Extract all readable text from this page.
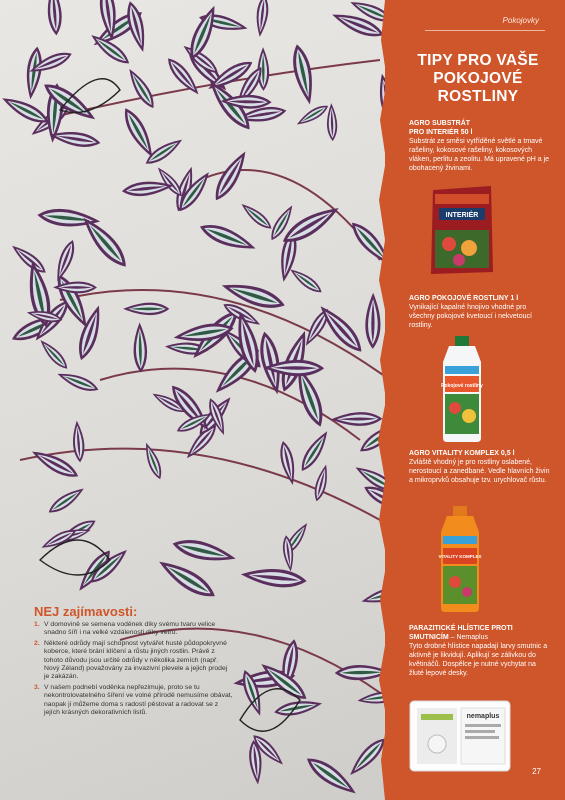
Pokojovky
TIPY PRO VAŠE
POKOJOVÉ
ROSTLINY
AGRO SUBSTRÁT
PRO INTERIÉR 50 l
Substrát ze směsi vytříděné světlé a tmavé rašeliny, kokosové rašeliny, kokosových vláken, perlitu a zeolitu. Má upravené pH a je obohacený živinami.
INTERIÉR
AGRO POKOJOVÉ ROSTLINY 1 l
Vynikající kapalné hnojivo vhodné pro všechny pokojové kvetoucí i nekvetoucí rostliny.
Pokojové rostliny
AGRO VITALITY KOMPLEX 0,5 l
Zvláště vhodný je pro rostliny oslabené, nerostoucí a zanedbané. Vedle hlavních živin a mikroprvků obsahuje tzv. urychlovač růstu.
VITALITY KOMPLEX
PARAZITICKÉ HLÍSTICE PROTI
SMUTNICÍM – Nemaplus
Tyto drobné hlístice napadají larvy smutnic a aktivně je likvidují. Aplikují se zálivkou do květináčů. Dospělce je nutné vychytat na žluté lepové desky.
nemaplus
27
NEJ zajímavosti:
1. V domovině se semena voděnek díky svému tvaru velice snadno šíří i na velké vzdálenosti díky větru.
2. Některé odrůdy mají schopnost vytvářet husté půdopokryvné koberce, které brání klíčení a růstu jiných rostlin. Právě z tohoto důvodu jsou určité odrůdy v několika zemích (např. Nový Zéland) považovány za invazivní plevele a jejich prodej je zakázán.
3. V našem podnebí voděnka nepřezimuje, proto se tu nekontrolovatelného šíření ve volné přírodě nemusíme obávat, naopak ji můžeme doma s radostí pěstovat a radovat se z jejích krásných dekorativních listů.
